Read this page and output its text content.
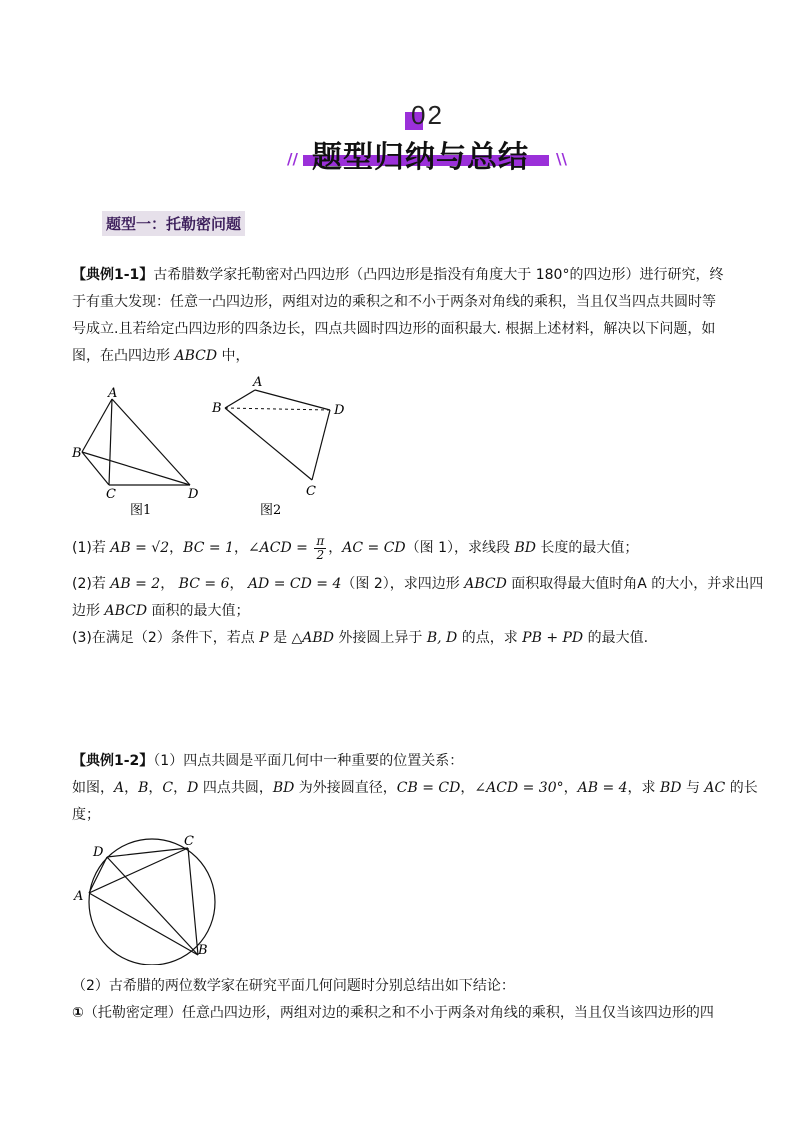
02
题型归纳与总结
//	\\
题型一：托勒密问题
【典例1-1】古希腊数学家托勒密对凸四边形（凸四边形是指没有角度大于 180°的四边形）进行研究，终
于有重大发现：任意一凸四边形，两组对边的乘积之和不小于两条对角线的乘积，当且仅当四点共圆时等
号成立.且若给定凸四边形的四条边长，四点共圆时四边形的面积最大. 根据上述材料，解决以下问题，如
图，在凸四边形 ABCD 中，
A
B
C	D
图1
A
B
C
D
图2
(1)若 AB = √2，BC = 1，∠ACD = $\frac{\pi}{2}$ ，AC = CD（图 1），求线段 BD 长度的最大值；
(2)若 AB = 2， BC = 6， AD = CD = 4（图 2），求四边形 ABCD 面积取得最大值时角A 的大小，并求出四
边形 ABCD 面积的最大值；
(3)在满足（2）条件下，若点 P 是 △ABD 外接圆上异于 B, D 的点，求 PB + PD 的最大值.
【典例1-2】（1）四点共圆是平面几何中一种重要的位置关系：
如图，A，B，C，D 四点共圆，BD 为外接圆直径，CB = CD，∠ACD = 30°，AB = 4，求 BD 与 AC 的长
度；
D
C
A
B
（2）古希腊的两位数学家在研究平面几何问题时分别总结出如下结论：
①（托勒密定理）任意凸四边形，两组对边的乘积之和不小于两条对角线的乘积，当且仅当该四边形的四
